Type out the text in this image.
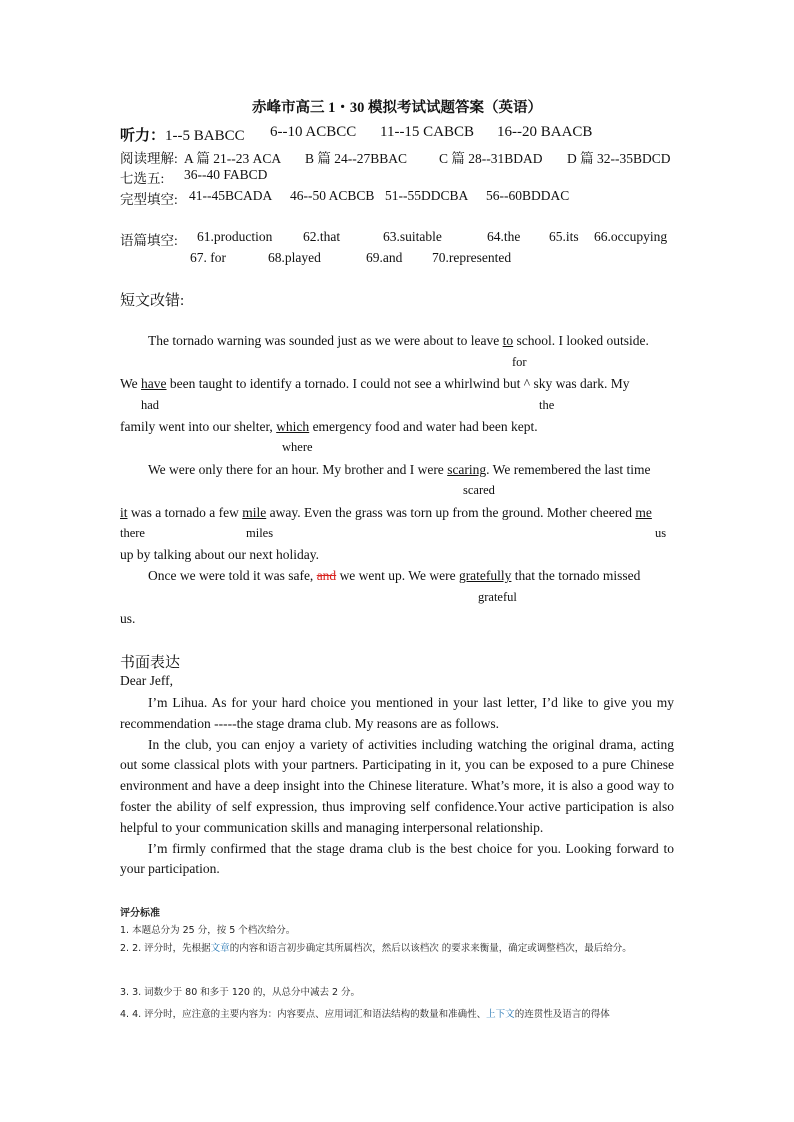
赤峰市高三 1・30 模拟考试试题答案（英语）
听力：1--5 BABCC 6--10 ACBCC 11--15 CABCB 16--20 BAACB
阅读理解: A 篇 21--23 ACA B 篇 24--27BBAC C 篇 28--31BDAD D 篇 32--35BDCD
七选五: 36--40 FABCD
完型填空: 41--45BCADA 46--50 ACBCB 51--55DDCBA 56--60BDDAC
语篇填空: 61.production 62.that	63.suitable	64.the 65.its 66.occupying
67. for	68.played	69.and 70.represented
短文改错:
The tornado warning was sounded just as we were about to leave to school. I looked outside.
for
We have been taught to identify a tornado. I could not see a whirlwind but ^ sky was dark. My
had	the
family went into our shelter, which emergency food and water had been kept.
where
We were only there for an hour. My brother and I were scaring. We remembered the last time
scared
it was a tornado a few mile away. Even the grass was torn up from the ground. Mother cheered me
there	miles	us
up by talking about our next holiday.
Once we were told it was safe, and we went up. We were gratefully that the tornado missed
grateful
us.
书面表达
Dear Jeff,

I’m Lihua. As for your hard choice you mentioned in your last letter, I’d like to give you my recommendation -----the stage drama club. My reasons are as follows.

In the club, you can enjoy a variety of activities including watching the original drama, acting out some classical plots with your partners. Participating in it, you can be exposed to a pure Chinese environment and have a deep insight into the Chinese literature. What’s more, it is also a good way to foster the ability of self expression, thus improving self confidence.Your active participation is also helpful to your communication skills and managing interpersonal relationship.

I’m firmly confirmed that the stage drama club is the best choice for you. Looking forward to your participation.

评分标准
1. 本题总分为 25 分，按 5 个档次给分。
2. 2. 评分时，先根据文章的内容和语言初步确定其所属档次，然后以该档次 的要求来衡量，确定或调整档次，最后给分。
3. 3. 词数少于 80 和多于 120 的，从总分中减去 2 分。
4. 4. 评分时，应注意的主要内容为：内容要点、应用词汇和语法结构的数量和准确性、上下文的连贯性及语言的得体
